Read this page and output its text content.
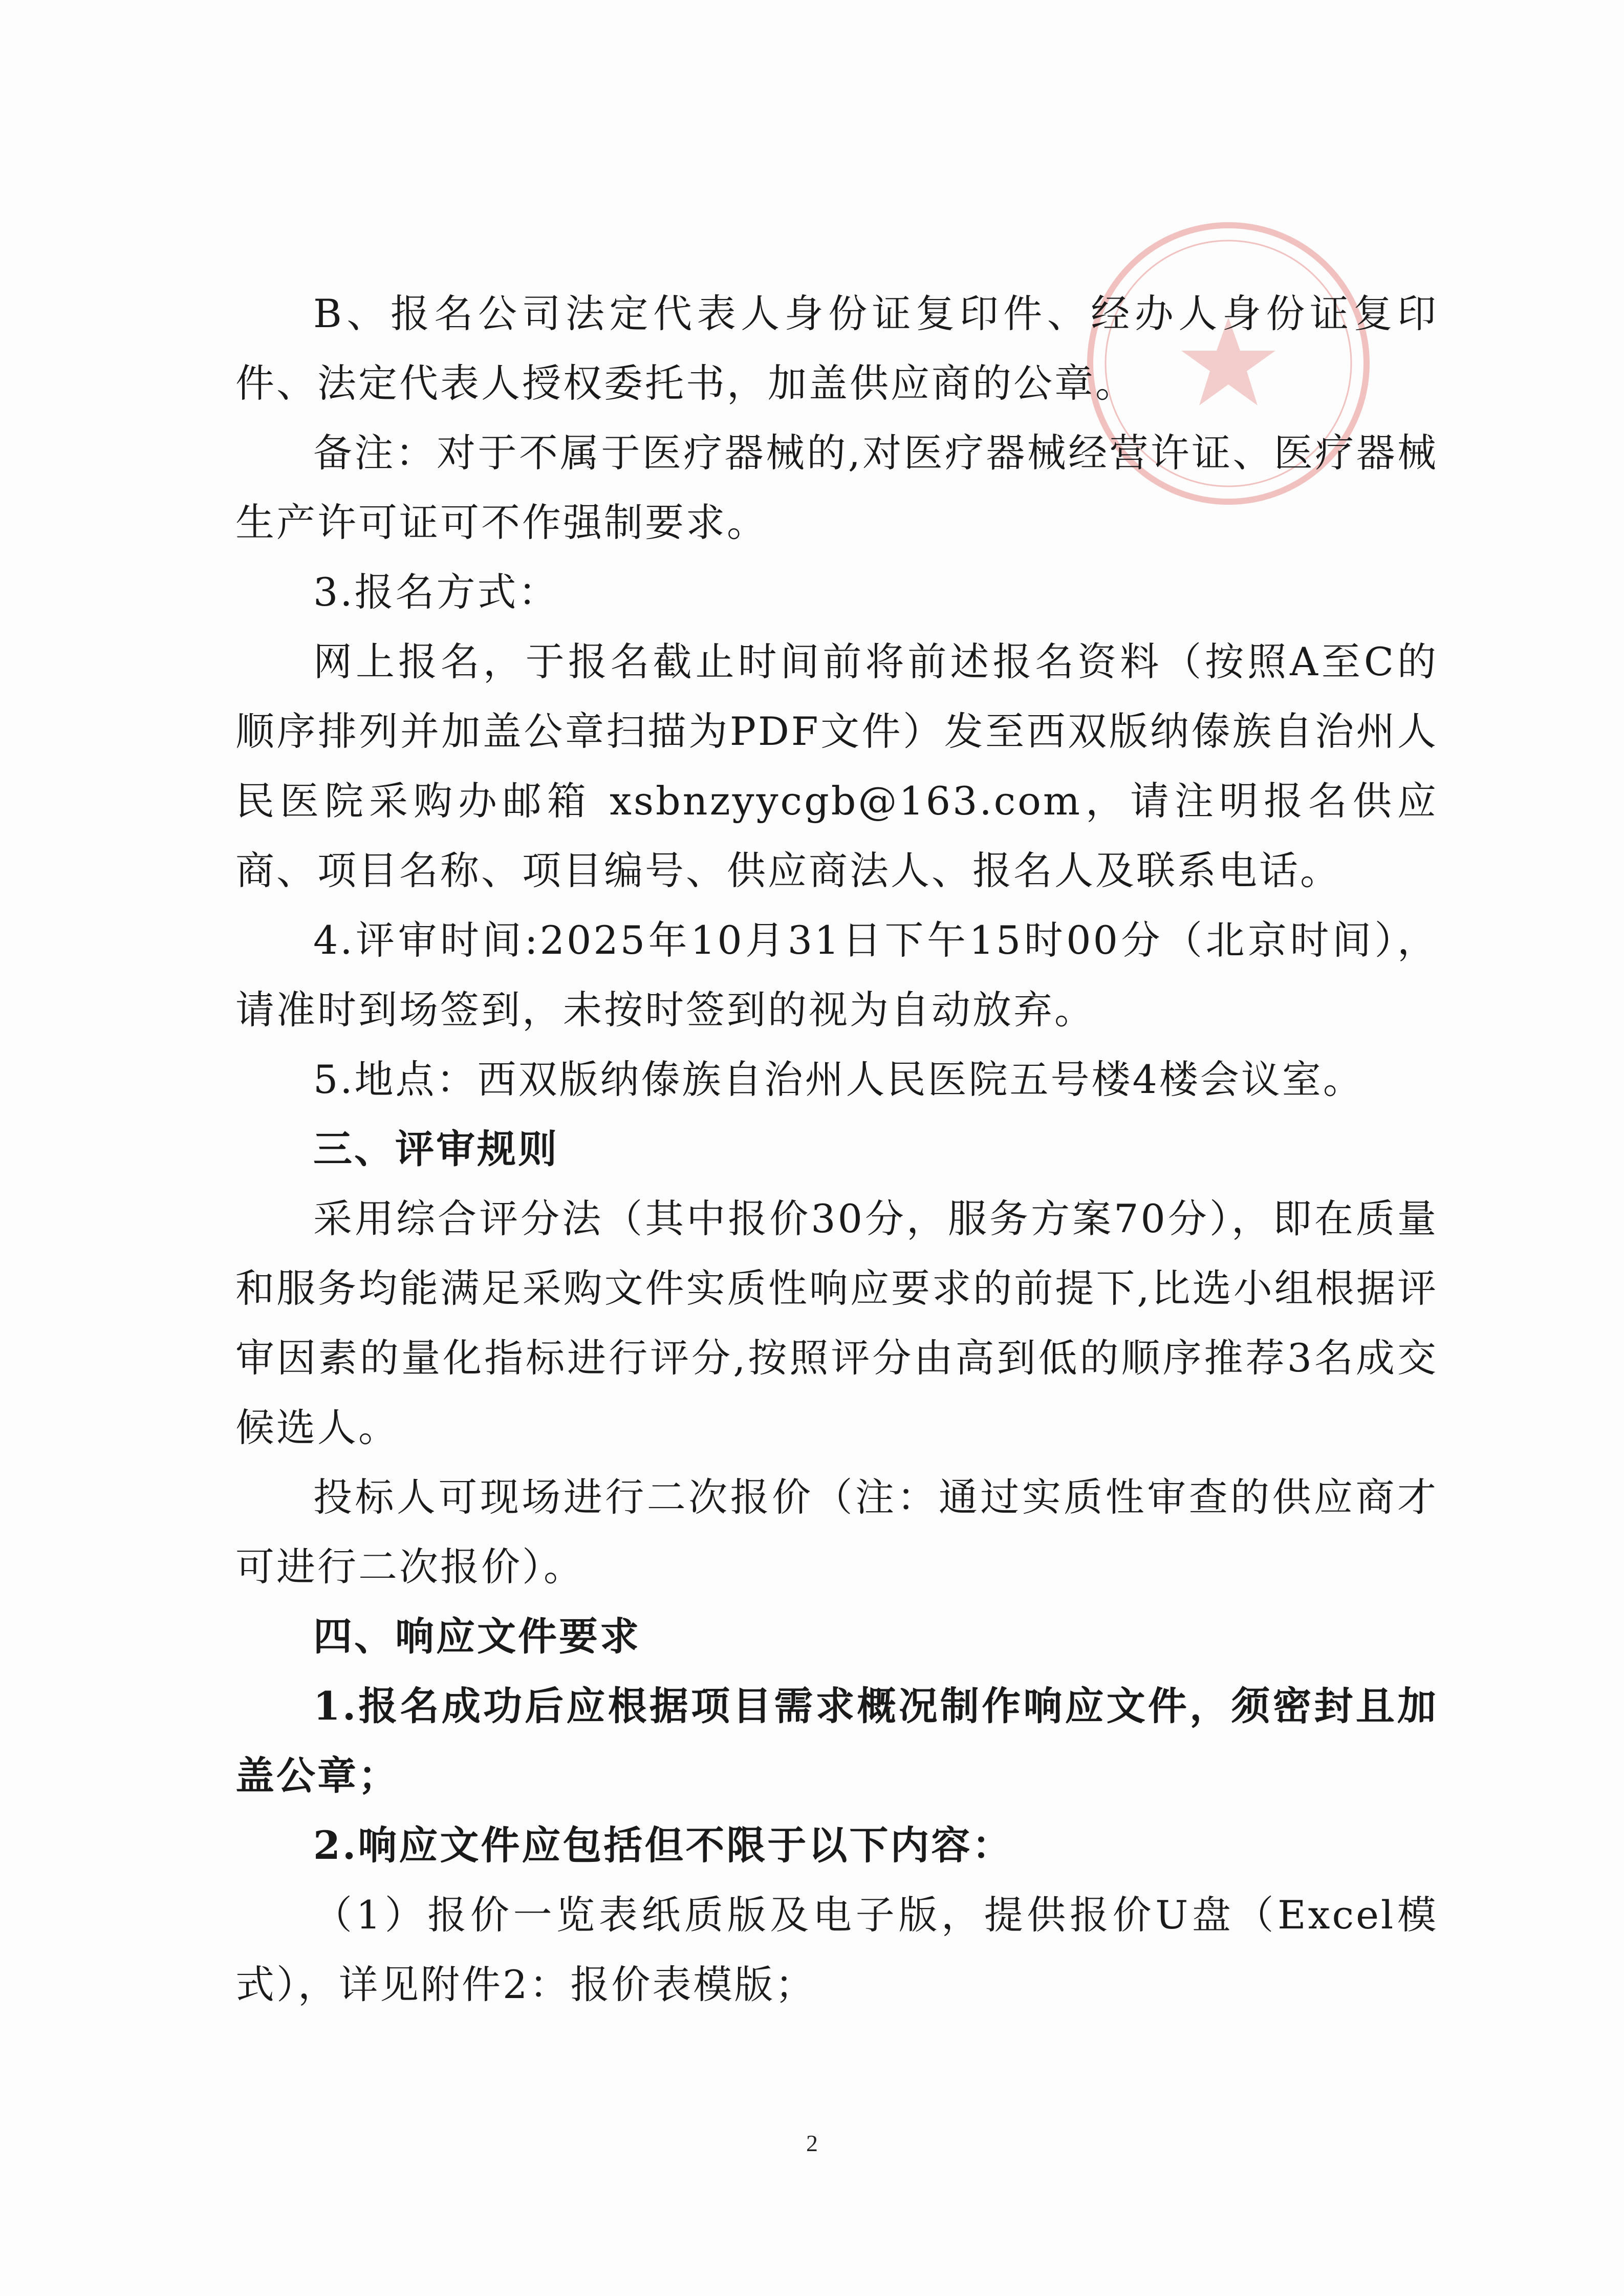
B、报名公司法定代表人身份证复印件、经办人身份证复印件、法定代表人授权委托书，加盖供应商的公章。

备注：对于不属于医疗器械的,对医疗器械经营许证、医疗器械生产许可证可不作强制要求。

3.报名方式：

网上报名，于报名截止时间前将前述报名资料（按照A至C的顺序排列并加盖公章扫描为PDF文件）发至西双版纳傣族自治州人民医院采购办邮箱 xsbnzyycgb@163.com，请注明报名供应商、项目名称、项目编号、供应商法人、报名人及联系电话。

4.评审时间:2025年10月31日下午15时00分（北京时间），请准时到场签到，未按时签到的视为自动放弃。

5.地点：西双版纳傣族自治州人民医院五号楼4楼会议室。

三、评审规则

采用综合评分法（其中报价30分，服务方案70分），即在质量和服务均能满足采购文件实质性响应要求的前提下,比选小组根据评审因素的量化指标进行评分,按照评分由高到低的顺序推荐3名成交候选人。

投标人可现场进行二次报价（注：通过实质性审查的供应商才可进行二次报价）。

四、响应文件要求

1.报名成功后应根据项目需求概况制作响应文件，须密封且加盖公章；

2.响应文件应包括但不限于以下内容：

（1）报价一览表纸质版及电子版，提供报价U盘（Excel模式），详见附件2：报价表模版；

2
